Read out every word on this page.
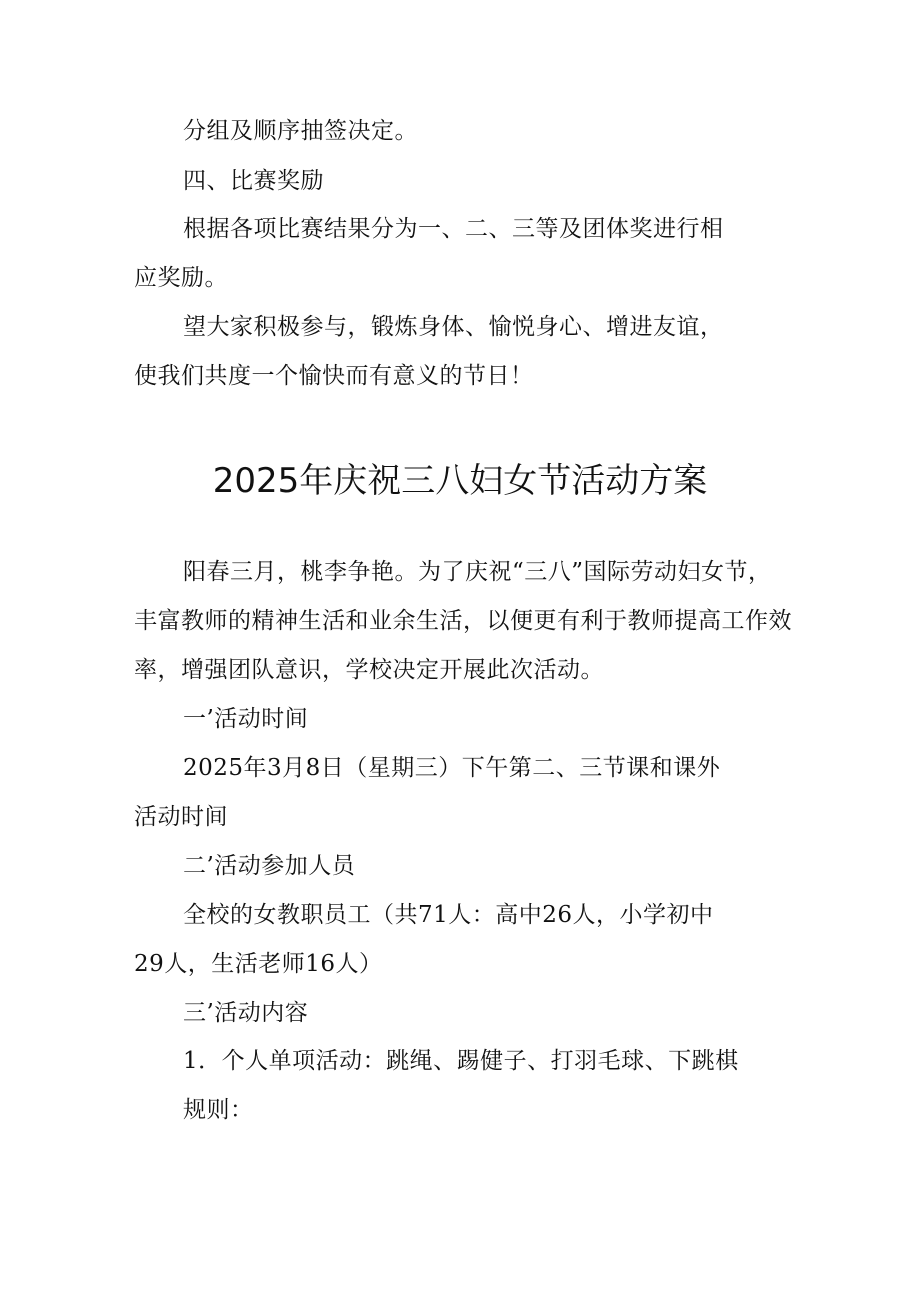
分组及顺序抽签决定。
四、比赛奖励
根据各项比赛结果分为一、二、三等及团体奖进行相
应奖励。
望大家积极参与，锻炼身体、愉悦身心、增进友谊，
使我们共度一个愉快而有意义的节日！
2025年庆祝三八妇女节活动方案
阳春三月，桃李争艳。为了庆祝“三八”国际劳动妇女节，
丰富教师的精神生活和业余生活，以便更有利于教师提高工作效
率，增强团队意识，学校决定开展此次活动。
一’活动时间
2025年3月8日（星期三）下午第二、三节课和课外
活动时间
二’活动参加人员
全校的女教职员工（共71人：高中26人，小学初中
29人，生活老师16人）
三’活动内容
1．个人单项活动：跳绳、踢健子、打羽毛球、下跳棋
规则：
